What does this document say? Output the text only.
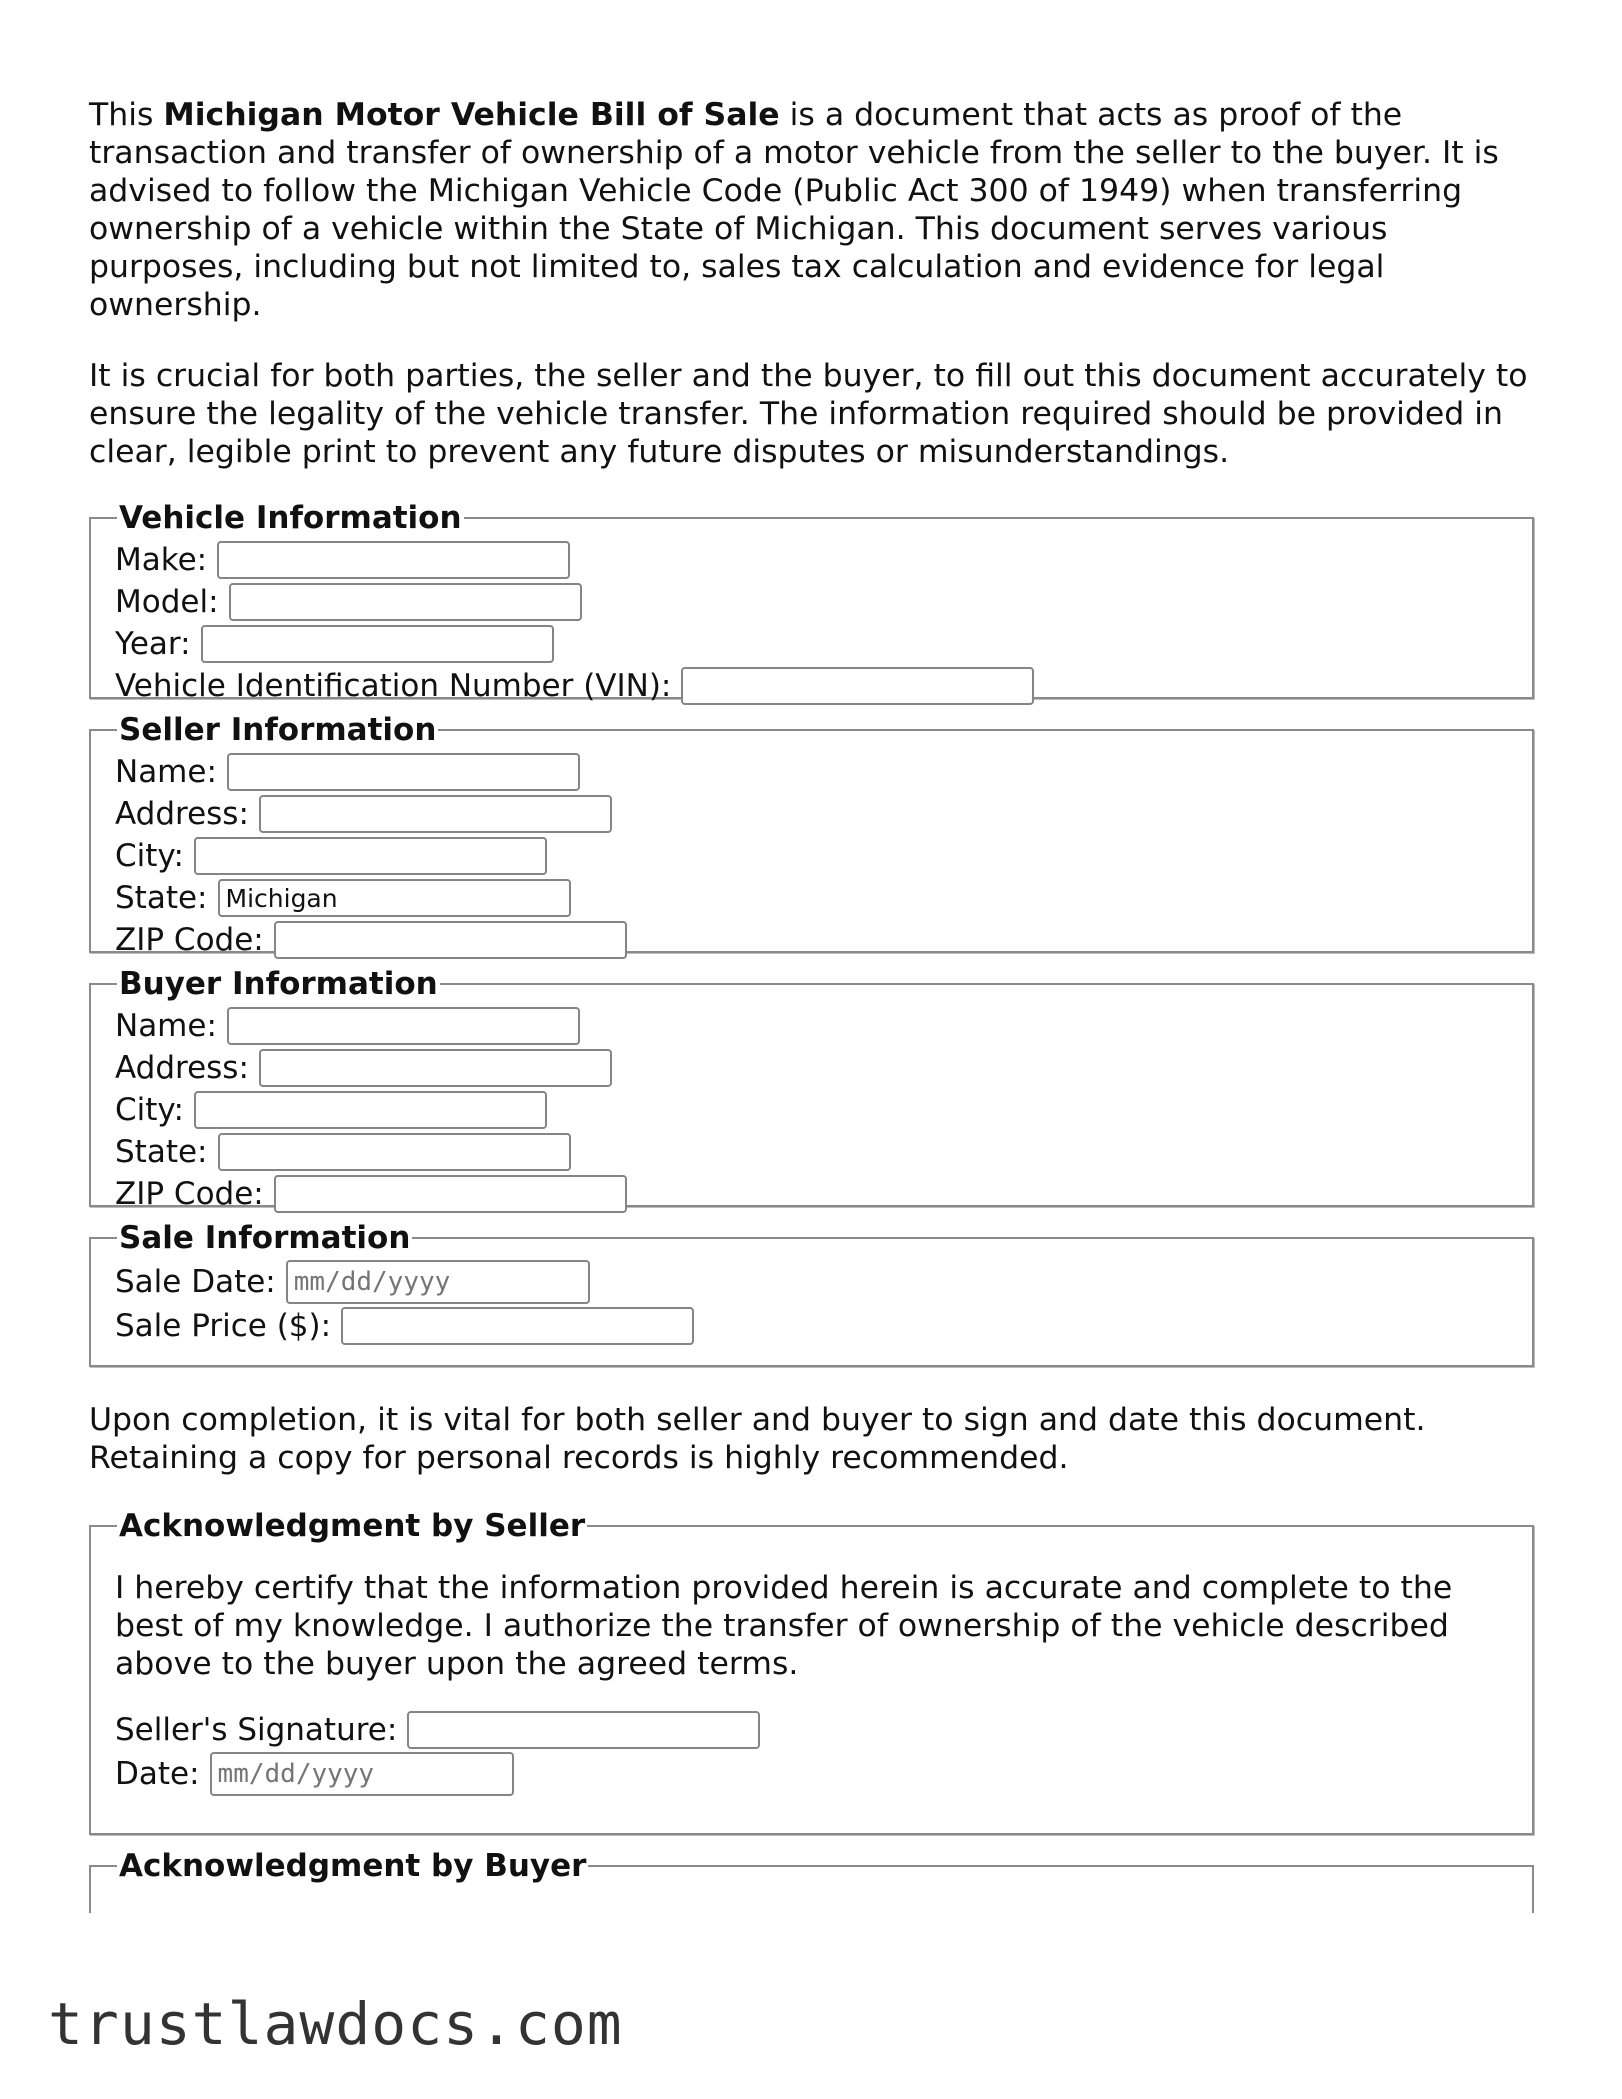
This Michigan Motor Vehicle Bill of Sale is a document that acts as proof of the transaction and transfer of ownership of a motor vehicle from the seller to the buyer. It is advised to follow the Michigan Vehicle Code (Public Act 300 of 1949) when transferring ownership of a vehicle within the State of Michigan. This document serves various purposes, including but not limited to, sales tax calculation and evidence for legal ownership.

It is crucial for both parties, the seller and the buyer, to fill out this document accurately to ensure the legality of the vehicle transfer. The information required should be provided in clear, legible print to prevent any future disputes or misunderstandings.

Vehicle Information
Make:
Model:
Year:
Vehicle Identification Number (VIN):
Seller Information
Name:
Address:
City:
State:
Michigan
ZIP Code:
Buyer Information
Name:
Address:
City:
State:
ZIP Code:
Sale Information
Sale Date:
mm/dd/yyyy
Sale Price ($):

Upon completion, it is vital for both seller and buyer to sign and date this document. Retaining a copy for personal records is highly recommended.

Acknowledgment by Seller

I hereby certify that the information provided herein is accurate and complete to the best of my knowledge. I authorize the transfer of ownership of the vehicle described above to the buyer upon the agreed terms.

Seller's Signature:
Date:
mm/dd/yyyy
Acknowledgment by Buyer
trustlawdocs.com
